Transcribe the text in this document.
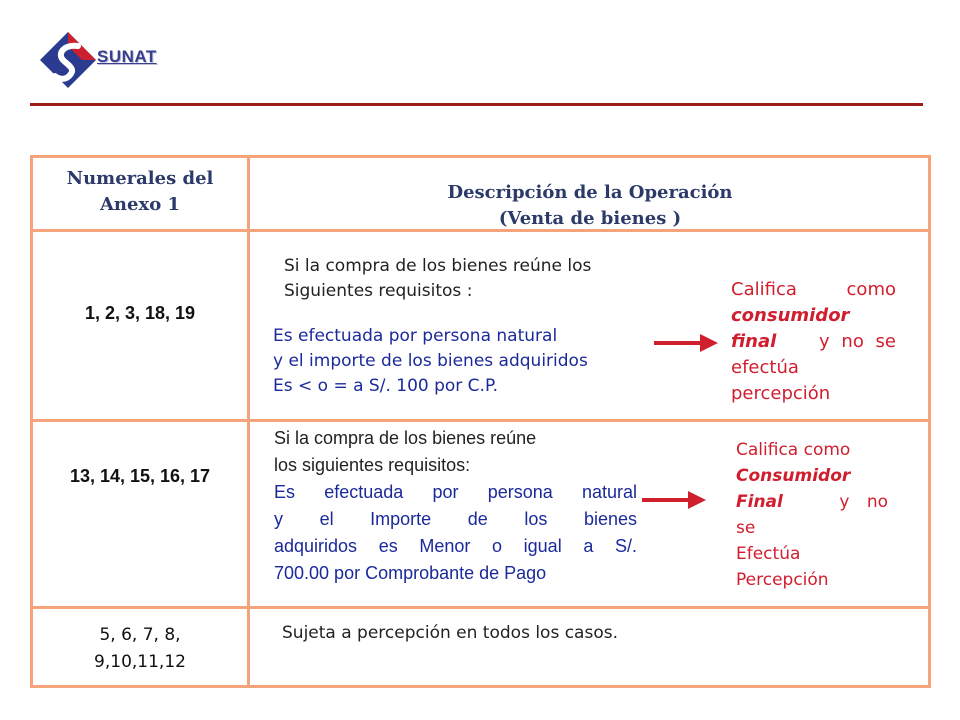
SUNAT
Numerales del
Anexo 1
Descripción de la Operación
(Venta de bienes )
1, 2, 3, 18, 19
Si la compra de los bienes reúne los
Siguientes requisitos :
Es efectuada por persona natural
y el importe de los bienes adquiridos
Es < o = a S/. 100 por C.P.
Califica como
consumidor
final y no se
efectúa
percepción
13, 14, 15, 16, 17
Si la compra de los bienes reúne
los siguientes requisitos:
Es efectuada por persona natural
y el Importe de los bienes
adquiridos es Menor o igual a S/.
700.00 por Comprobante de Pago
Califica como
Consumidor
Final	y no
se
Efectúa
Percepción
5, 6, 7, 8,
9,10,11,12
Sujeta a percepción en todos los casos.
